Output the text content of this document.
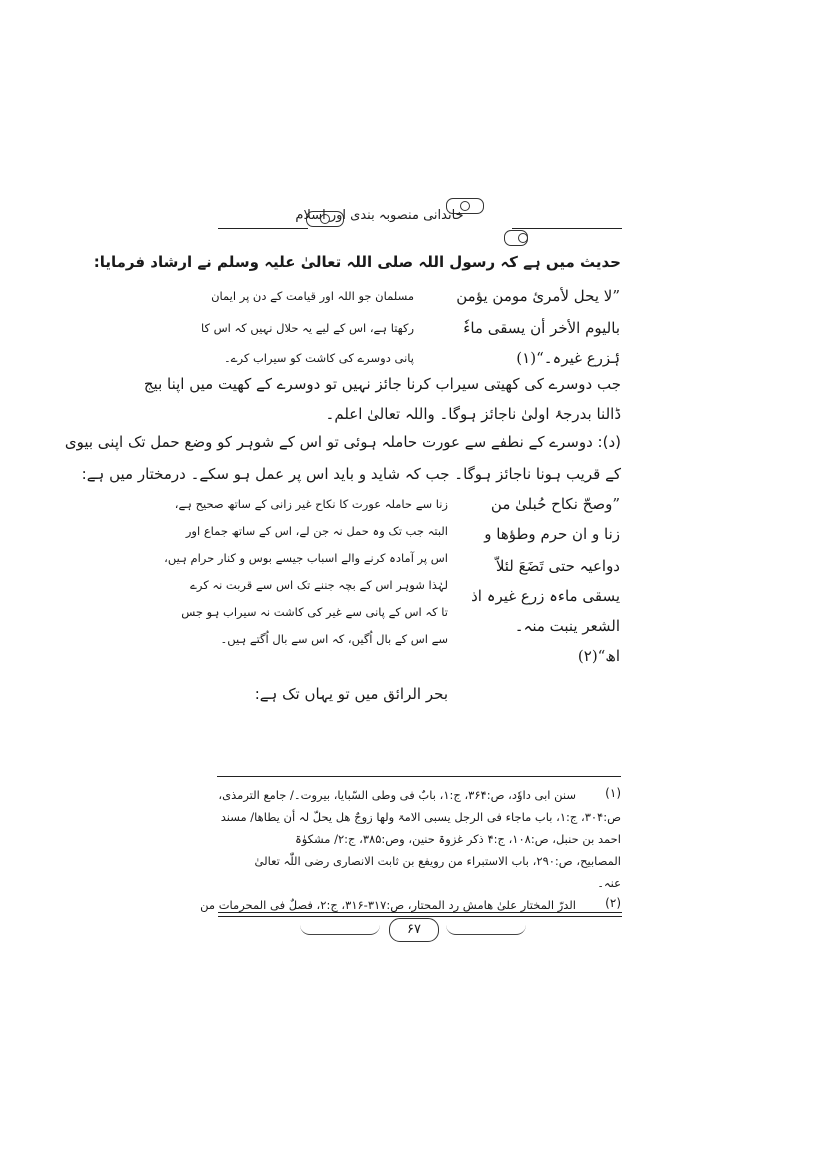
خاندانی منصوبہ بندی اور اسلام
حدیث میں ہے کہ رسول اللہ صلی اللہ تعالیٰ علیہ وسلم نے ارشاد فرمایا:
”لا یحل لأمرئ مومن یؤمن
بالیوم الأخر أن یسقی ماءٗ
ۂزرع غیرہ۔“(۱)
مسلمان جو اللہ اور قیامت کے دن پر ایمان
رکھتا ہے، اس کے لیے یہ حلال نہیں کہ اس کا
پانی دوسرے کی کاشت کو سیراب کرے۔
جب دوسرے کی کھیتی سیراب کرنا جائز نہیں تو دوسرے کے کھیت میں اپنا بیج
ڈالنا بدرجۂ اولیٰ ناجائز ہوگا۔ واللہ تعالیٰ اعلم۔
(د): دوسرے کے نطفے سے عورت حاملہ ہوئی تو اس کے شوہر کو وضع حمل تک اپنی بیوی
کے قریب ہونا ناجائز ہوگا۔ جب کہ شاید و باید اس پر عمل ہو سکے۔ درمختار میں ہے:
”وصحّ نکاح حُبلیٰ من
زنا و ان حرم وطؤھا و
دواعیہ حتی تَضَعَ لئلاّ
یسقی ماءہ زرع غیرہ اذ
الشعر ینبت منہ۔
اھ“(۲)
زنا سے حاملہ عورت کا نکاح غیر زانی کے ساتھ صحیح ہے،
البتہ جب تک وہ حمل نہ جن لے، اس کے ساتھ جماع اور
اس پر آمادہ کرنے والے اسباب جیسے بوس و کنار حرام ہیں،
لہٰذا شوہر اس کے بچہ جننے تک اس سے قربت نہ کرے
تا کہ اس کے پانی سے غیر کی کاشت نہ سیراب ہو جس
سے اس کے بال اُگیں، کہ اس سے بال اُگتے ہیں۔
بحر الرائق میں تو یہاں تک ہے:
(۱)
سنن ابی داوٗد، ص:۳۶۴، ج:۱، بابٌ فی وطی السّبایا، بیروت۔/ جامع الترمذی،
ص:۳۰۴، ج:۱، باب ماجاء فی الرجل یسبی الامۃ ولھا زوجٌ ھل یحلّ لہ أن یطاھا/ مسند
احمد بن حنبل، ص:۱۰۸، ج:۴ ذکر غزوۃ حنین، وص:۳۸۵، ج:۲/ مشکوٰۃ
المصابیح، ص:۲۹۰، باب الاستبراء من رویفع بن ثابت الانصاری رضی اللّٰہ تعالیٰ
عنہ۔
(۲)
الدرّ المختار علیٰ ھامش رد المحتار، ص:۳۱۷-۳۱۶، ج:۲، فصلٌ فی المحرمات من
۶۷
